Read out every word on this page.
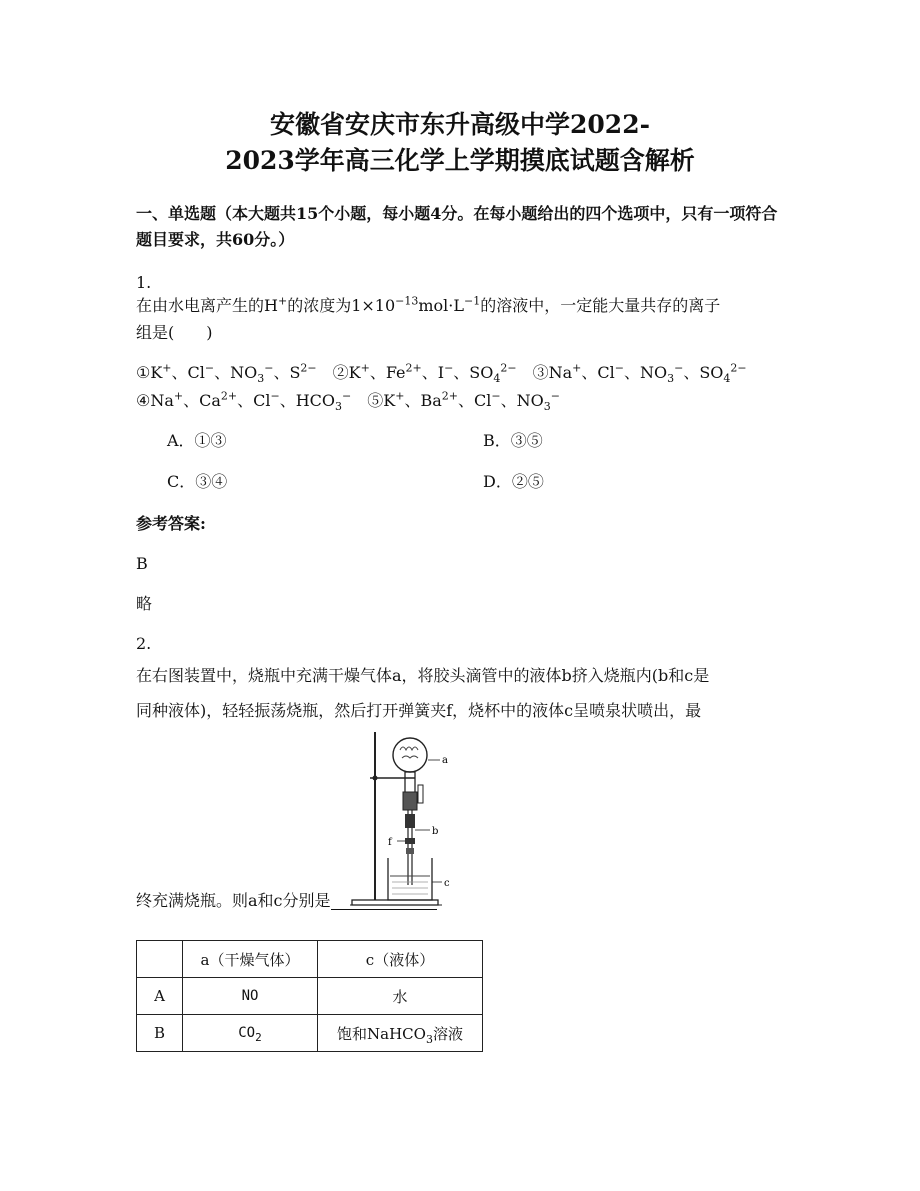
安徽省安庆市东升高级中学2022-
2023学年高三化学上学期摸底试题含解析
一、单选题（本大题共15个小题，每小题4分。在每小题给出的四个选项中，只有一项符合题目要求，共60分。）
1.
在由水电离产生的H+的浓度为$1\times 10^{-13}mol\cdot L^{-1}$的溶液中，一定能大量共存的离子
组是(　　)
①K+、Cl−、$NO_3^-$、$S^{2-}$　②K+、$Fe^{2+}$、I−、$SO_4^{2-}$　③Na+、Cl−、$NO_3^-$、$SO_4^{2-}$
④Na+、$Ca^{2+}$、Cl−、$HCO_3^-$　⑤K+、$Ba^{2+}$、Cl−、$NO_3^-$
A．①③	B．③⑤
C．③④	D．②⑤
参考答案:
B
略
2.
在右图装置中，烧瓶中充满干燥气体a，将胶头滴管中的液体b挤入烧瓶内(b和c是
同种液体)，轻轻振荡烧瓶，然后打开弹簧夹f，烧杯中的液体c呈喷泉状喷出，最
终充满烧瓶。则a和c分别是
a
b
f
c
	a（干燥气体）	c（液体）
A	NO	水
B	$CO_2$	饱和NaHCO$_3$溶液
